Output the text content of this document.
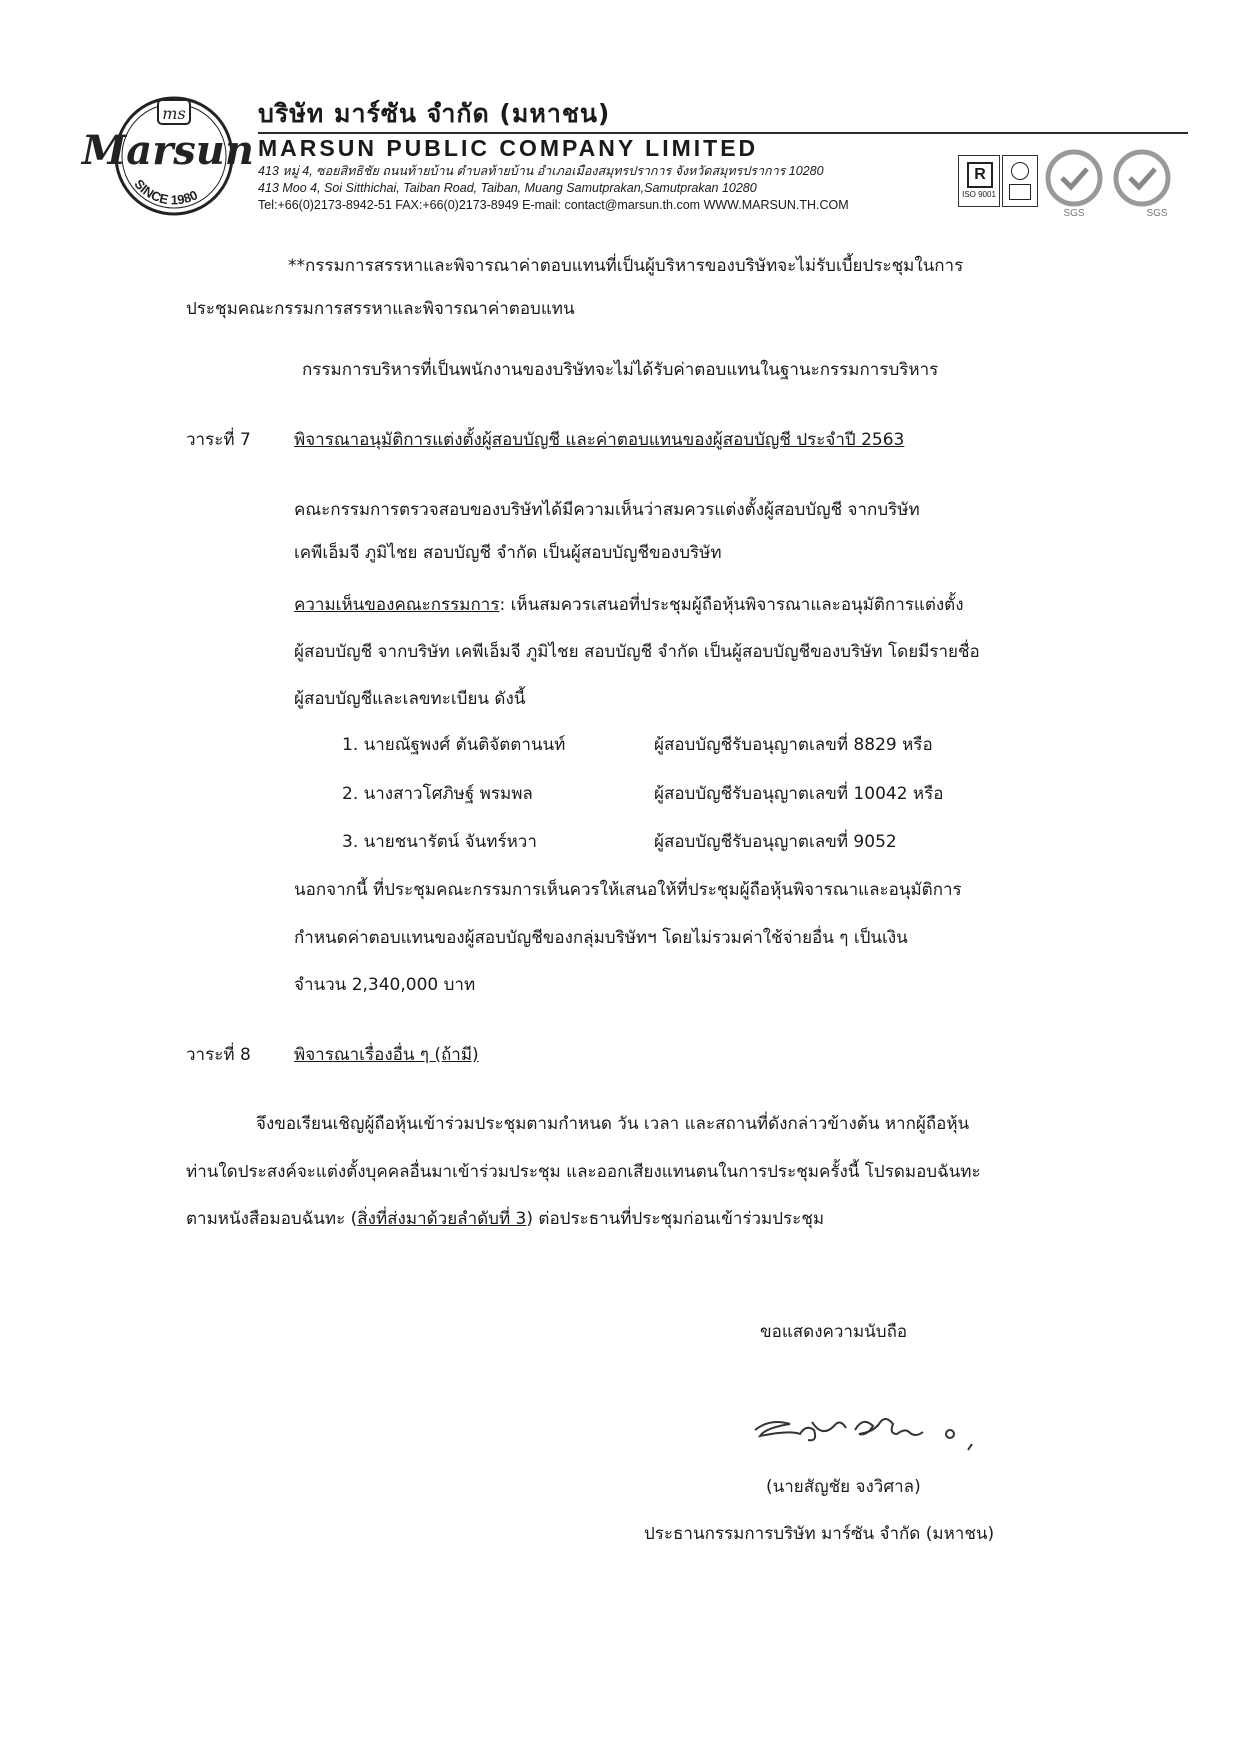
ms
Marsun
SINCE 1980
บริษัท มาร์ซัน จำกัด (มหาชน)
MARSUN PUBLIC COMPANY LIMITED
413 หมู่ 4, ซอยสิทธิชัย ถนนท้ายบ้าน ตำบลท้ายบ้าน อำเภอเมืองสมุทรปราการ จังหวัดสมุทรปราการ 10280
413 Moo 4, Soi Sitthichai, Taiban Road, Taiban, Muang Samutprakan,Samutprakan 10280
Tel:+66(0)2173-8942-51 FAX:+66(0)2173-8949 E-mail: contact@marsun.th.com WWW.MARSUN.TH.COM
R
ISO 9001
SGS	SGS
**กรรมการสรรหาและพิจารณาค่าตอบแทนที่เป็นผู้บริหารของบริษัทจะไม่รับเบี้ยประชุมในการ
ประชุมคณะกรรมการสรรหาและพิจารณาค่าตอบแทน
กรรมการบริหารที่เป็นพนักงานของบริษัทจะไม่ได้รับค่าตอบแทนในฐานะกรรมการบริหาร
วาระที่ 7	พิจารณาอนุมัติการแต่งตั้งผู้สอบบัญชี และค่าตอบแทนของผู้สอบบัญชี ประจำปี 2563
คณะกรรมการตรวจสอบของบริษัทได้มีความเห็นว่าสมควรแต่งตั้งผู้สอบบัญชี จากบริษัท
เคพีเอ็มจี ภูมิไชย สอบบัญชี จำกัด เป็นผู้สอบบัญชีของบริษัท
ความเห็นของคณะกรรมการ: เห็นสมควรเสนอที่ประชุมผู้ถือหุ้นพิจารณาและอนุมัติการแต่งตั้ง
ผู้สอบบัญชี จากบริษัท เคพีเอ็มจี ภูมิไชย สอบบัญชี จำกัด เป็นผู้สอบบัญชีของบริษัท โดยมีรายชื่อ
ผู้สอบบัญชีและเลขทะเบียน ดังนี้
1. นายณัฐพงศ์ ตันติจัตตานนท์	ผู้สอบบัญชีรับอนุญาตเลขที่ 8829 หรือ
2. นางสาวโศภิษฐ์ พรมพล	ผู้สอบบัญชีรับอนุญาตเลขที่ 10042 หรือ
3. นายชนารัตน์ จันทร์หวา	ผู้สอบบัญชีรับอนุญาตเลขที่ 9052
นอกจากนี้ ที่ประชุมคณะกรรมการเห็นควรให้เสนอให้ที่ประชุมผู้ถือหุ้นพิจารณาและอนุมัติการ
กำหนดค่าตอบแทนของผู้สอบบัญชีของกลุ่มบริษัทฯ โดยไม่รวมค่าใช้จ่ายอื่น ๆ เป็นเงิน
จำนวน 2,340,000 บาท
วาระที่ 8	พิจารณาเรื่องอื่น ๆ (ถ้ามี)
จึงขอเรียนเชิญผู้ถือหุ้นเข้าร่วมประชุมตามกำหนด วัน เวลา และสถานที่ดังกล่าวข้างต้น หากผู้ถือหุ้น
ท่านใดประสงค์จะแต่งตั้งบุคคลอื่นมาเข้าร่วมประชุม และออกเสียงแทนตนในการประชุมครั้งนี้ โปรดมอบฉันทะ
ตามหนังสือมอบฉันทะ (สิ่งที่ส่งมาด้วยลำดับที่ 3) ต่อประธานที่ประชุมก่อนเข้าร่วมประชุม
ขอแสดงความนับถือ
(นายสัญชัย จงวิศาล)
ประธานกรรมการบริษัท มาร์ซัน จำกัด (มหาชน)
